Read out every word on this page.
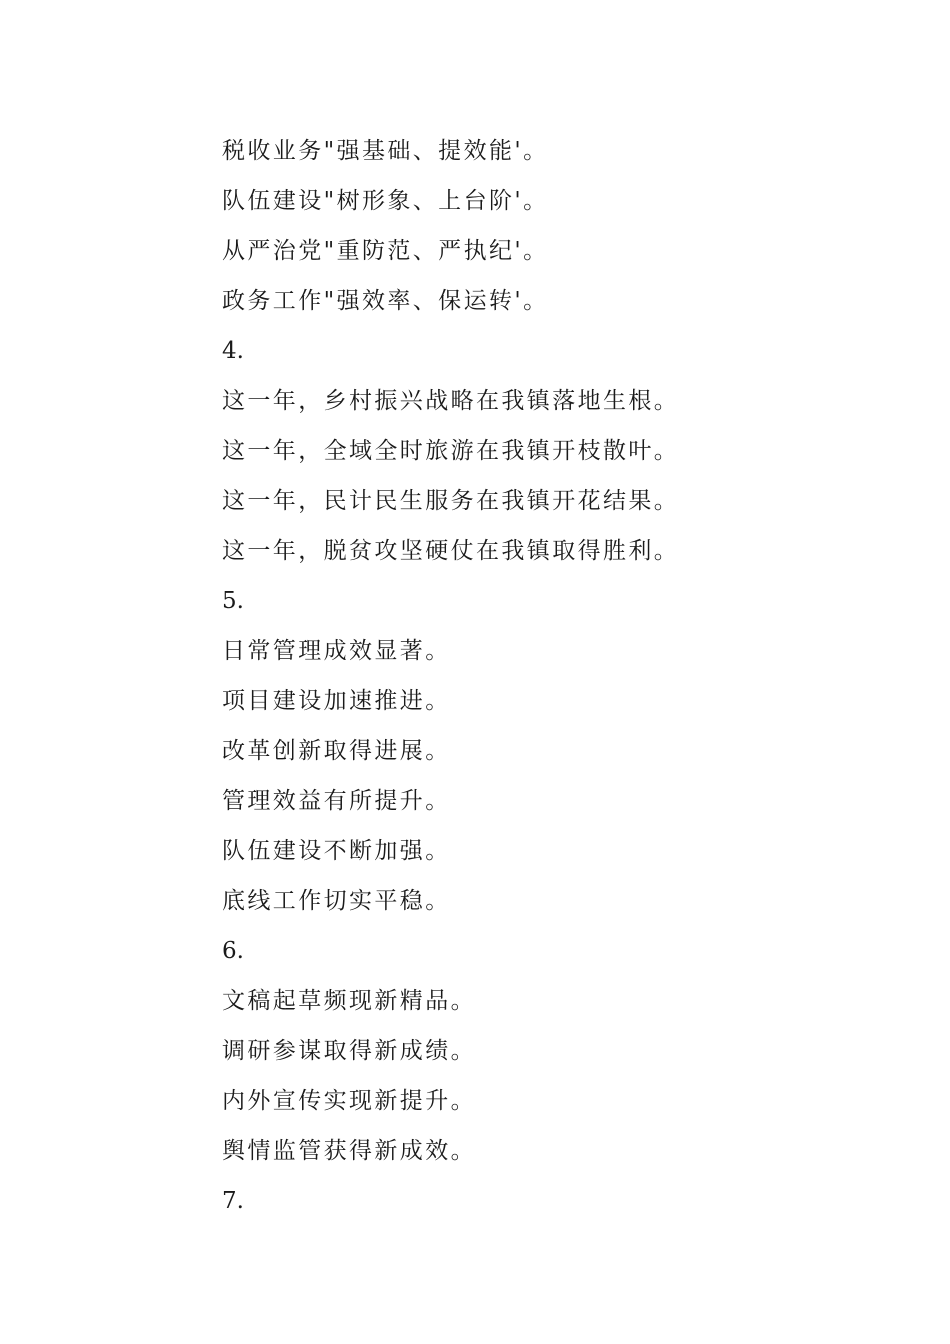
税收业务"强基础、提效能'。
队伍建设"树形象、上台阶'。
从严治党"重防范、严执纪'。
政务工作"强效率、保运转'。
4.
这一年，乡村振兴战略在我镇落地生根。
这一年，全域全时旅游在我镇开枝散叶。
这一年，民计民生服务在我镇开花结果。
这一年，脱贫攻坚硬仗在我镇取得胜利。
5.
日常管理成效显著。
项目建设加速推进。
改革创新取得进展。
管理效益有所提升。
队伍建设不断加强。
底线工作切实平稳。
6.
文稿起草频现新精品。
调研参谋取得新成绩。
内外宣传实现新提升。
舆情监管获得新成效。
7.
